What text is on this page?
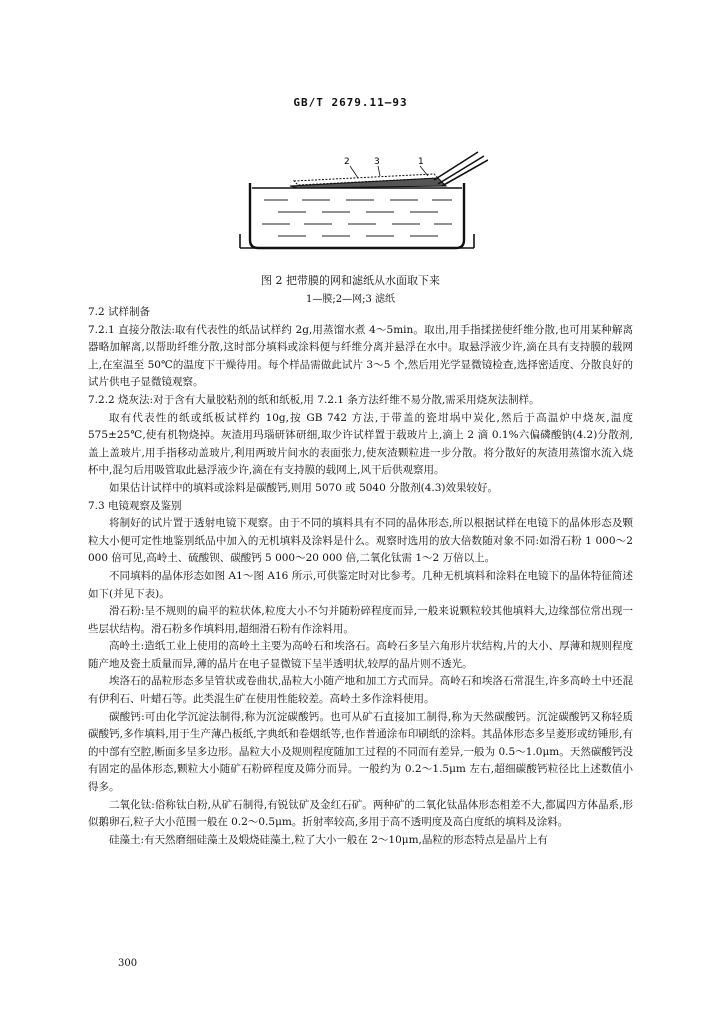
GB/T 2679.11—93
2	3	1
图 2 把带膜的网和滤纸从水面取下来
1—膜;2—网;3 滤纸

7.2 试样制备

7.2.1 直接分散法:取有代表性的纸品试样约 2g,用蒸馏水煮 4～5min。取出,用手指揉搓使纤维分散,也可用某种解离器略加解离,以帮助纤维分散,这时部分填料或涂料便与纤维分离并悬浮在水中。取悬浮液少许,滴在具有支持膜的载网上,在室温至 50℃的温度下干燥待用。每个样品需做此试片 3～5 个,然后用光学显微镜检查,选择密适度、分散良好的试片供电子显微镜观察。

7.2.2 烧灰法:对于含有大量胶粘剂的纸和纸板,用 7.2.1 条方法纤维不易分散,需采用烧灰法制样。

取有代表性的纸或纸板试样约 10g,按 GB 742 方法,于带盖的瓷坩埚中炭化,然后于高温炉中烧灰,温度 575±25℃,使有机物烧掉。灰渣用玛瑙研钵研细,取少许试样置于载玻片上,滴上 2 滴 0.1%六偏磷酸钠(4.2)分散剂,盖上盖玻片,用手指移动盖玻片,利用两玻片间水的表面张力,使灰渣颗粒进一步分散。将分散好的灰渣用蒸馏水流入烧杯中,混匀后用吸管取此悬浮液少许,滴在有支持膜的载网上,风干后供观察用。

如果估计试样中的填料或涂料是碳酸钙,则用 5070 或 5040 分散剂(4.3)效果较好。

7.3 电镜观察及鉴别

将制好的试片置于透射电镜下观察。由于不同的填料具有不同的晶体形态,所以根据试样在电镜下的晶体形态及颗粒大小便可定性地鉴别纸品中加入的无机填料及涂料是什么。观察时选用的放大倍数随对象不同:如滑石粉 1 000～2 000 倍可见,高岭土、硫酸钡、碳酸钙 5 000～20 000 倍,二氧化钛需 1～2 万倍以上。

不同填料的晶体形态如图 A1～图 A16 所示,可供鉴定时对比参考。几种无机填料和涂料在电镜下的晶体特征简述如下(并见下表)。

滑石粉:呈不规则的扁平的粒状体,粒度大小不匀并随粉碎程度而异,一般来说颗粒较其他填料大,边缘部位常出现一些层状结构。滑石粉多作填料用,超细滑石粉有作涂料用。

高岭土:造纸工业上使用的高岭土主要为高岭石和埃洛石。高岭石多呈六角形片状结构,片的大小、厚薄和规则程度随产地及瓷土质量而异,薄的晶片在电子显微镜下呈半透明状,较厚的晶片则不透光。

埃洛石的晶粒形态多呈管状或卷曲状,晶粒大小随产地和加工方式而异。高岭石和埃洛石常混生,许多高岭土中还混有伊利石、叶蜡石等。此类混生矿在使用性能较差。高岭土多作涂料使用。

碳酸钙:可由化学沉淀法制得,称为沉淀碳酸钙。也可从矿石直接加工制得,称为天然碳酸钙。沉淀碳酸钙又称轻质碳酸钙,多作填料,用于生产薄凸板纸,字典纸和卷烟纸等,也作普通涂布印刷纸的涂料。其晶体形态多呈菱形或纺锤形,有的中部有空腔,断面多呈多边形。晶粒大小及规则程度随加工过程的不同而有差异,一般为 0.5～1.0μm。天然碳酸钙没有固定的晶体形态,颗粒大小随矿石粉碎程度及筛分而异。一般约为 0.2～1.5μm 左右,超细碳酸钙粒径比上述数值小得多。

二氧化钛:俗称钛白粉,从矿石制得,有锐钛矿及金红石矿。两种矿的二氧化钛晶体形态相差不大,都属四方体晶系,形似鹅卵石,粒子大小范围一般在 0.2～0.5μm。折射率较高,多用于高不透明度及高白度纸的填料及涂料。

硅藻土:有天然磨细硅藻土及煅烧硅藻土,粒了大小一般在 2～10μm,晶粒的形态特点是晶片上有

300
